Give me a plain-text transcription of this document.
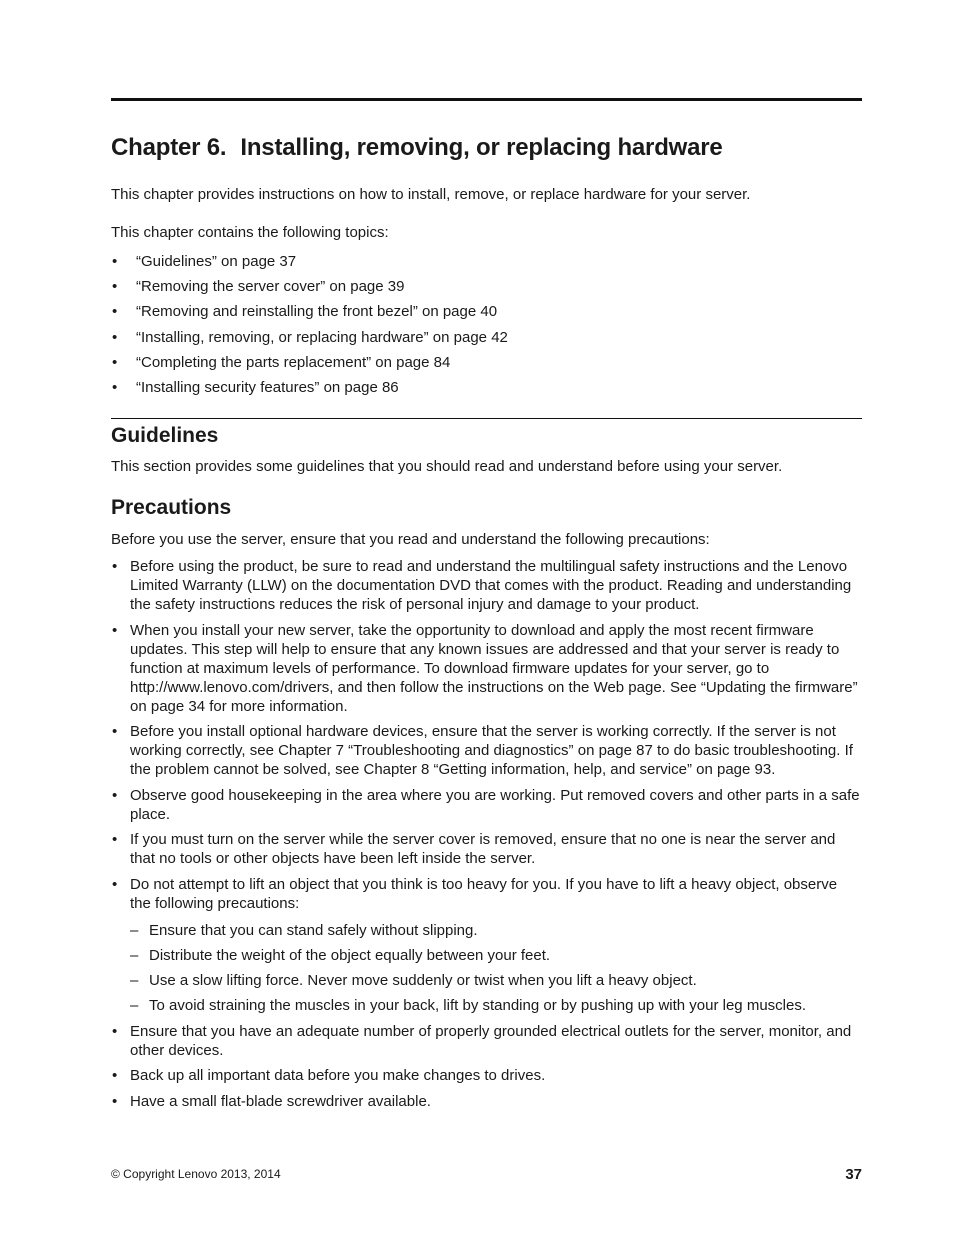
Chapter 6. Installing, removing, or replacing hardware

This chapter provides instructions on how to install, remove, or replace hardware for your server.

This chapter contains the following topics:

• “Guidelines” on page 37
• “Removing the server cover” on page 39
• “Removing and reinstalling the front bezel” on page 40
• “Installing, removing, or replacing hardware” on page 42
• “Completing the parts replacement” on page 84
• “Installing security features” on page 86
Guidelines

This section provides some guidelines that you should read and understand before using your server.

Precautions

Before you use the server, ensure that you read and understand the following precautions:

• Before using the product, be sure to read and understand the multilingual safety instructions and the Lenovo Limited Warranty (LLW) on the documentation DVD that comes with the product. Reading and understanding the safety instructions reduces the risk of personal injury and damage to your product.
• When you install your new server, take the opportunity to download and apply the most recent firmware updates. This step will help to ensure that any known issues are addressed and that your server is ready to function at maximum levels of performance. To download firmware updates for your server, go to http://www.lenovo.com/drivers, and then follow the instructions on the Web page. See “Updating the firmware” on page 34 for more information.
• Before you install optional hardware devices, ensure that the server is working correctly. If the server is not working correctly, see Chapter 7 “Troubleshooting and diagnostics” on page 87 to do basic troubleshooting. If the problem cannot be solved, see Chapter 8 “Getting information, help, and service” on page 93.
• Observe good housekeeping in the area where you are working. Put removed covers and other parts in a safe place.
• If you must turn on the server while the server cover is removed, ensure that no one is near the server and that no tools or other objects have been left inside the server.
• Do not attempt to lift an object that you think is too heavy for you. If you have to lift a heavy object, observe the following precautions:
– Ensure that you can stand safely without slipping.
– Distribute the weight of the object equally between your feet.
– Use a slow lifting force. Never move suddenly or twist when you lift a heavy object.
– To avoid straining the muscles in your back, lift by standing or by pushing up with your leg muscles.
• Ensure that you have an adequate number of properly grounded electrical outlets for the server, monitor, and other devices.
• Back up all important data before you make changes to drives.
• Have a small flat-blade screwdriver available.

© Copyright Lenovo 2013, 2014	37
